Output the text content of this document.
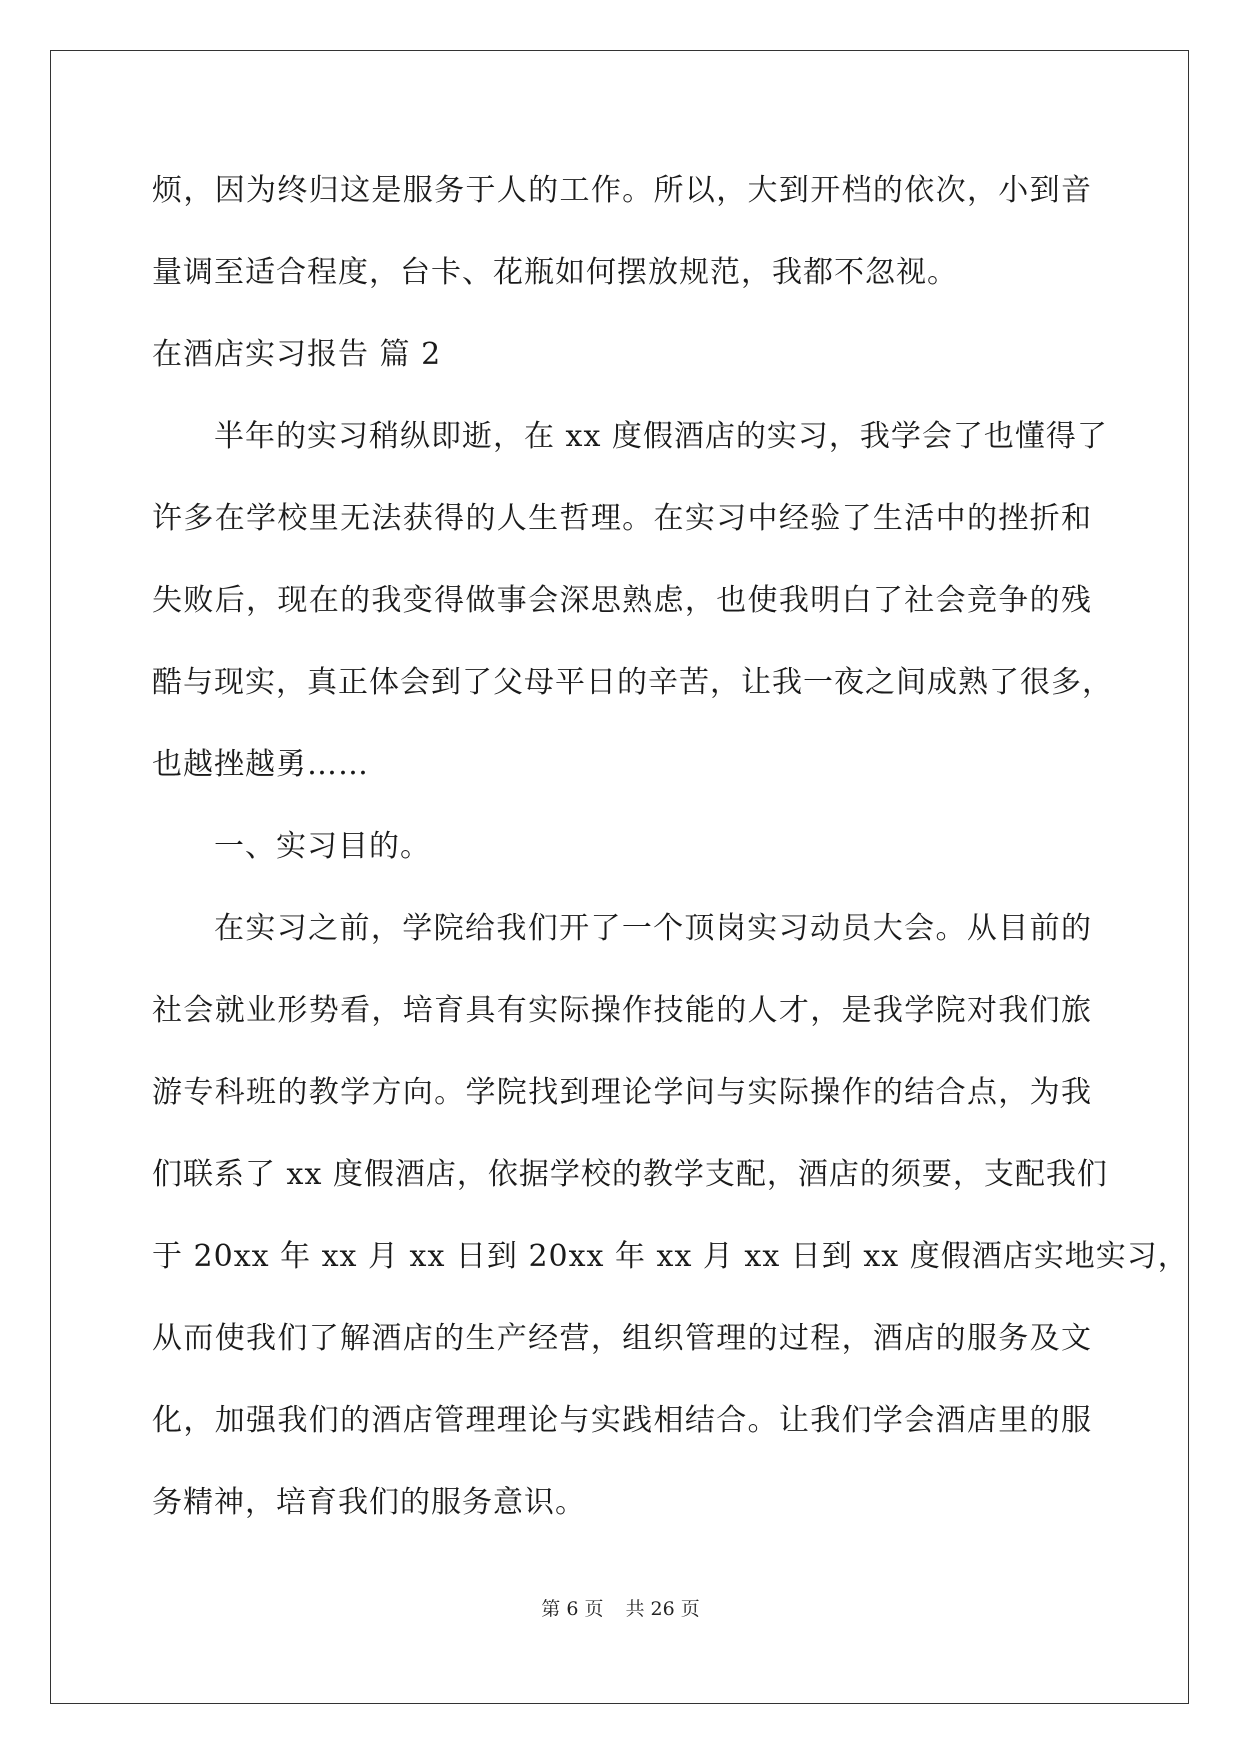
烦，因为终归这是服务于人的工作。所以，大到开档的依次，小到音
量调至适合程度，台卡、花瓶如何摆放规范，我都不忽视。
在酒店实习报告 篇 2
半年的实习稍纵即逝，在 xx 度假酒店的实习，我学会了也懂得了
许多在学校里无法获得的人生哲理。在实习中经验了生活中的挫折和
失败后，现在的我变得做事会深思熟虑，也使我明白了社会竞争的残
酷与现实，真正体会到了父母平日的辛苦，让我一夜之间成熟了很多，
也越挫越勇……
一、实习目的。
在实习之前，学院给我们开了一个顶岗实习动员大会。从目前的
社会就业形势看，培育具有实际操作技能的人才，是我学院对我们旅
游专科班的教学方向。学院找到理论学问与实际操作的结合点，为我
们联系了 xx 度假酒店，依据学校的教学支配，酒店的须要，支配我们
于 20xx 年 xx 月 xx 日到 20xx 年 xx 月 xx 日到 xx 度假酒店实地实习，
从而使我们了解酒店的生产经营，组织管理的过程，酒店的服务及文
化，加强我们的酒店管理理论与实践相结合。让我们学会酒店里的服
务精神，培育我们的服务意识。
第 6 页 共 26 页
